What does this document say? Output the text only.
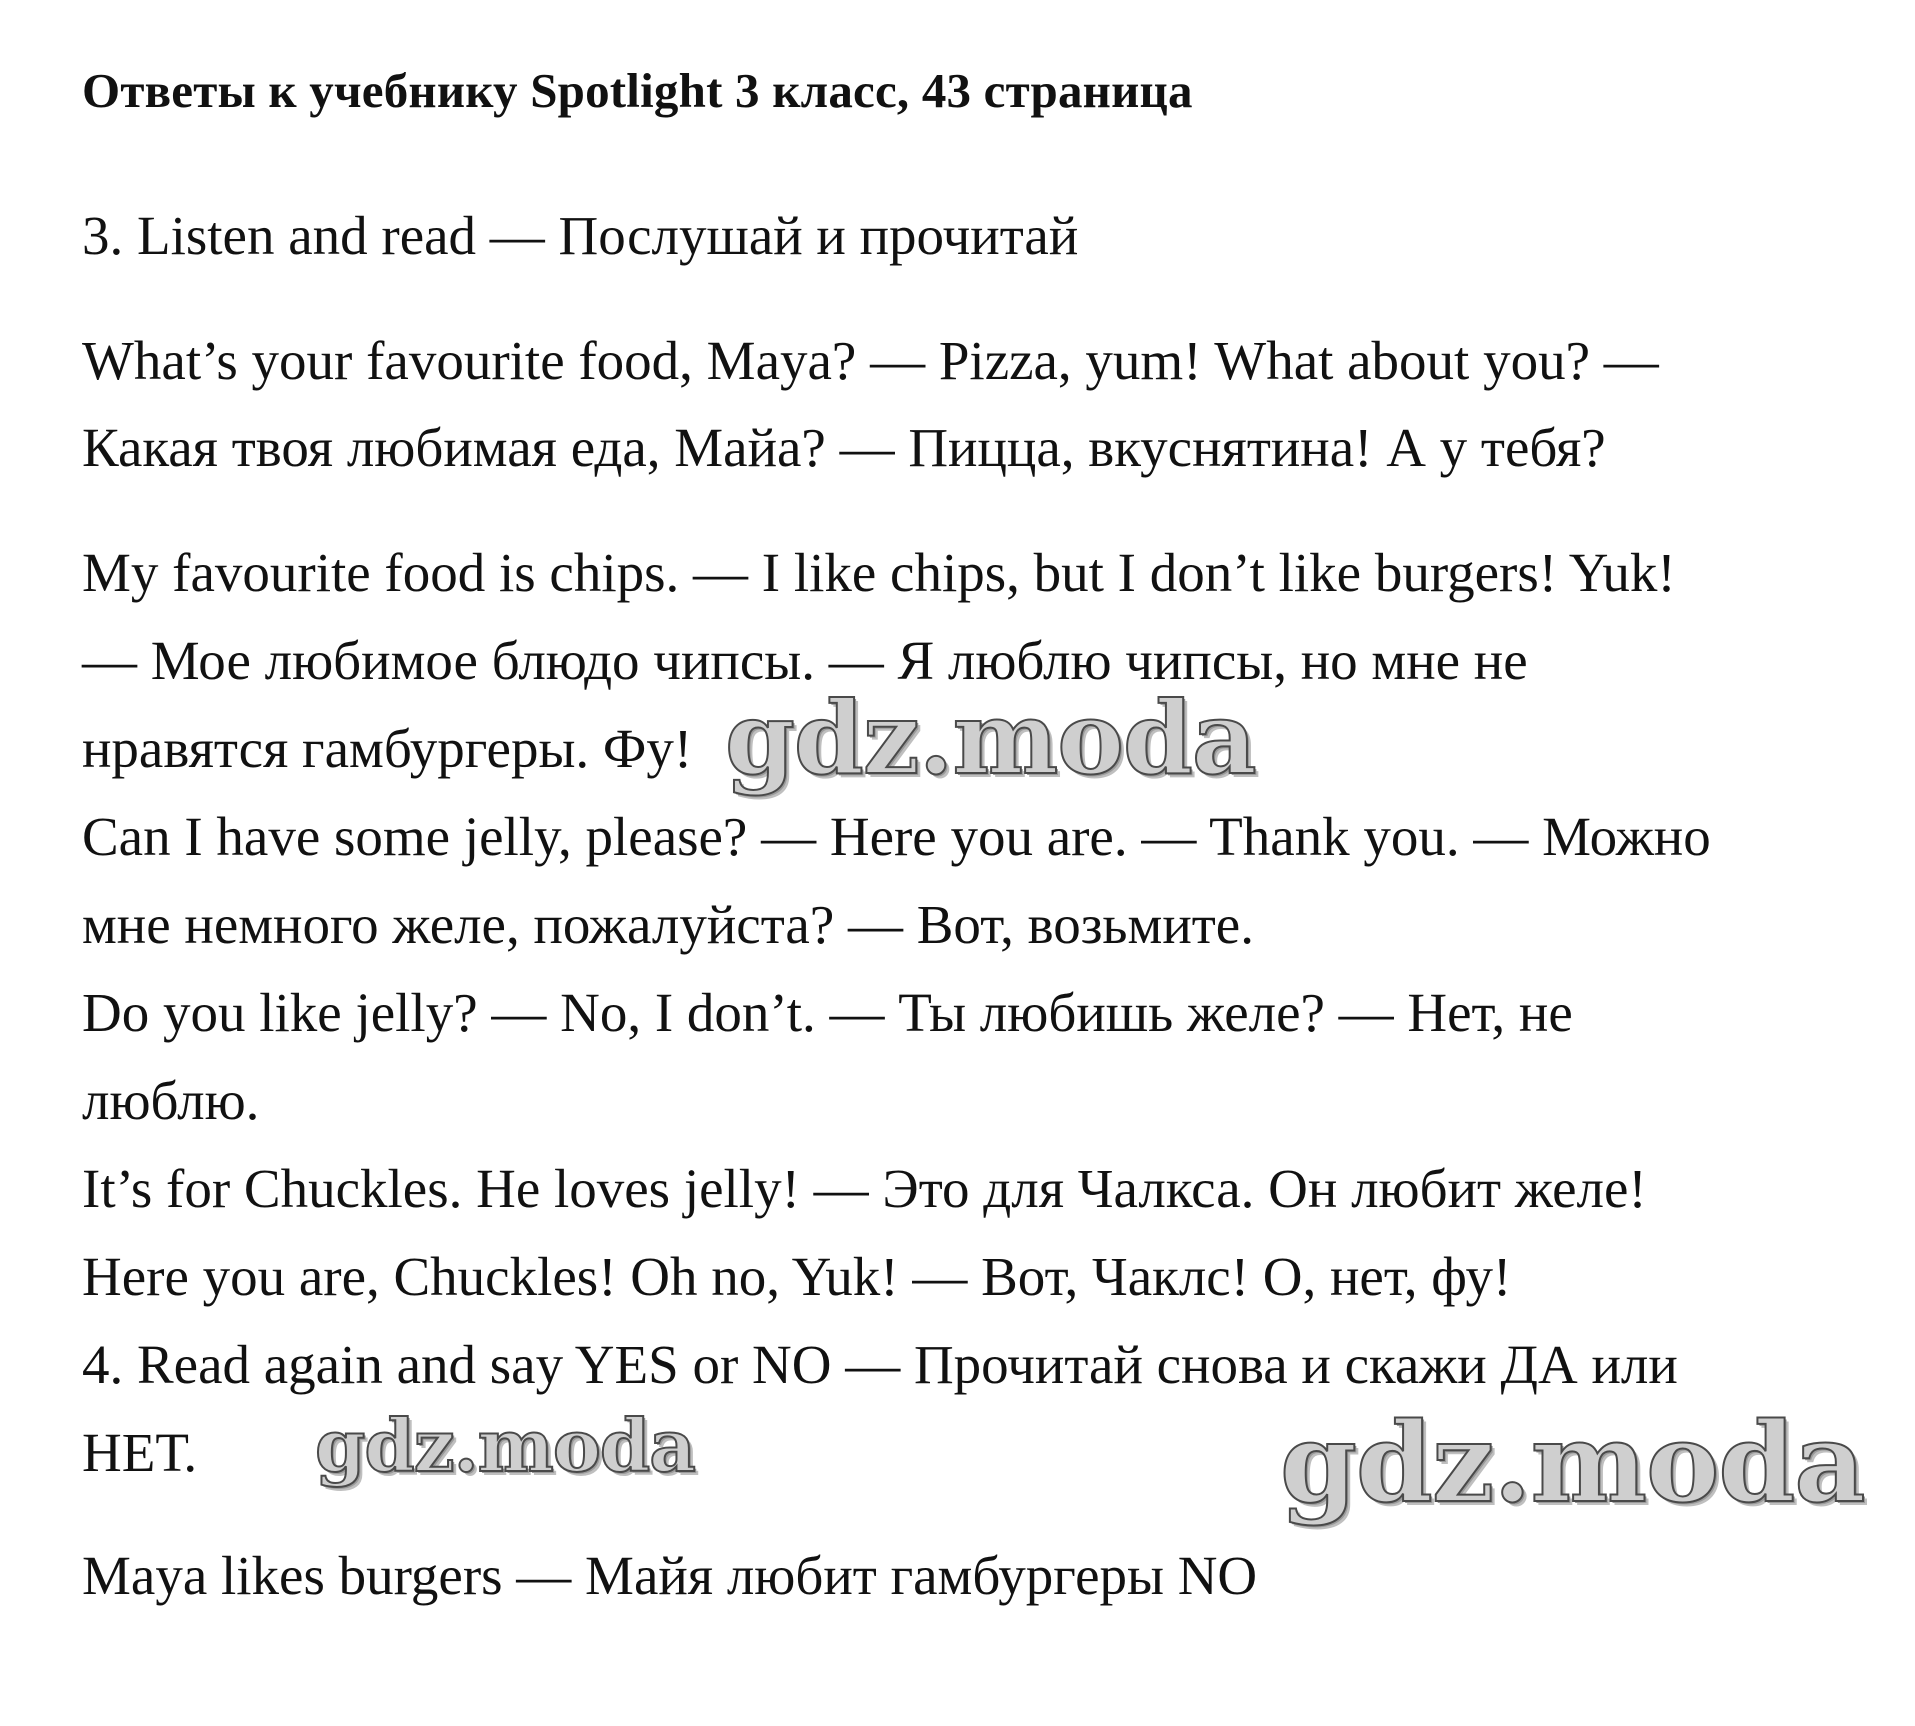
Ответы к учебнику Spotlight 3 класс, 43 страница
3. Listen and read — Послушай и прочитай
What’s your favourite food, Maya? — Pizza, yum! What about you? —
Какая твоя любимая еда, Майа? — Пицца, вкуснятина! А у тебя?
My favourite food is chips. — I like chips, but I don’t like burgers! Yuk!
— Мое любимое блюдо чипсы. — Я люблю чипсы, но мне не
нравятся гамбургеры. Фу!
Can I have some jelly, please? — Here you are. — Thank you. — Можно
мне немного желе, пожалуйста? — Вот, возьмите.
Do you like jelly? — No, I don’t. — Ты любишь желе? — Нет, не
люблю.
It’s for Chuckles. He loves jelly! — Это для Чалкса. Он любит желе!
Here you are, Chuckles! Oh no, Yuk! — Вот, Чаклс! О, нет, фу!
4. Read again and say YES or NO — Прочитай снова и скажи ДА или
НЕТ.
Maya likes burgers — Майя любит гамбургеры NO
gdz.moda
gdz.moda	gdz.moda
